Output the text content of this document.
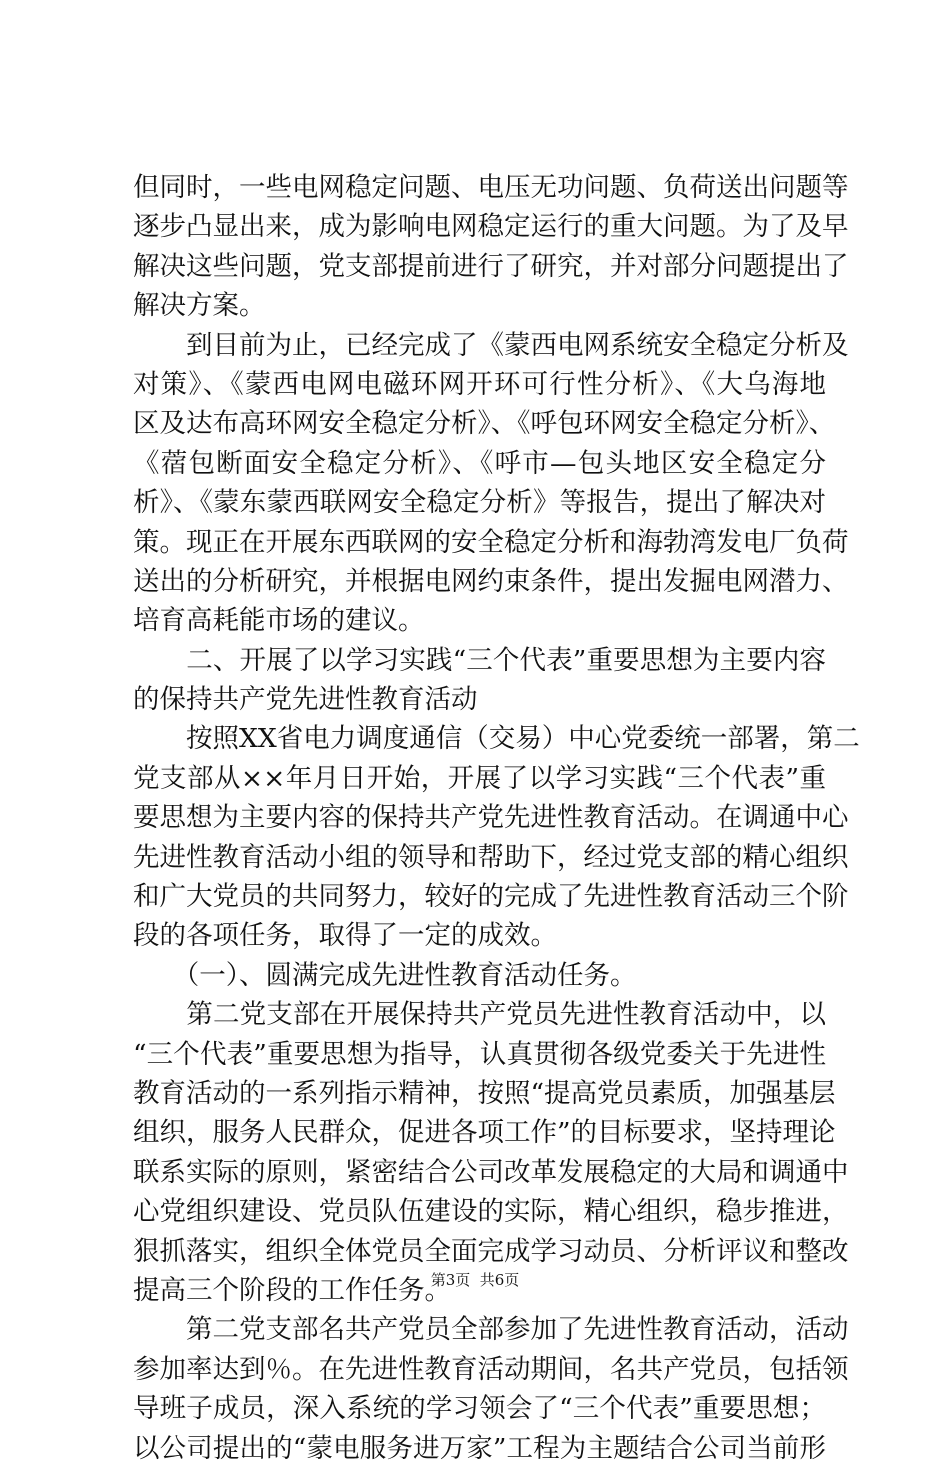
但同时，一些电网稳定问题、电压无功问题、负荷送出问题等
逐步凸显出来，成为影响电网稳定运行的重大问题。为了及早
解决这些问题，党支部提前进行了研究，并对部分问题提出了
解决方案。
　　到目前为止，已经完成了《蒙西电网系统安全稳定分析及
对策》、《蒙西电网电磁环网开环可行性分析》、《大乌海地
区及达布高环网安全稳定分析》、《呼包环网安全稳定分析》、
《蓿包断面安全稳定分析》、《呼市—包头地区安全稳定分
析》、《蒙东蒙西联网安全稳定分析》等报告，提出了解决对
策。现正在开展东西联网的安全稳定分析和海勃湾发电厂负荷
送出的分析研究，并根据电网约束条件，提出发掘电网潜力、
培育高耗能市场的建议。
　　二、开展了以学习实践“三个代表”重要思想为主要内容
的保持共产党先进性教育活动
　　按照XX省电力调度通信（交易）中心党委统一部署，第二
党支部从××年月日开始，开展了以学习实践“三个代表”重
要思想为主要内容的保持共产党先进性教育活动。在调通中心
先进性教育活动小组的领导和帮助下，经过党支部的精心组织
和广大党员的共同努力，较好的完成了先进性教育活动三个阶
段的各项任务，取得了一定的成效。
　　（一）、圆满完成先进性教育活动任务。
　　第二党支部在开展保持共产党员先进性教育活动中，以
“三个代表”重要思想为指导，认真贯彻各级党委关于先进性
教育活动的一系列指示精神，按照“提高党员素质，加强基层
组织，服务人民群众，促进各项工作”的目标要求，坚持理论
联系实际的原则，紧密结合公司改革发展稳定的大局和调通中
心党组织建设、党员队伍建设的实际，精心组织，稳步推进，
狠抓落实，组织全体党员全面完成学习动员、分析评议和整改
提高三个阶段的工作任务。
　　第二党支部名共产党员全部参加了先进性教育活动，活动
参加率达到％。在先进性教育活动期间，名共产党员，包括领
导班子成员，深入系统的学习领会了“三个代表”重要思想；
以公司提出的“蒙电服务进万家”工程为主题结合公司当前形
第3页  共6页
